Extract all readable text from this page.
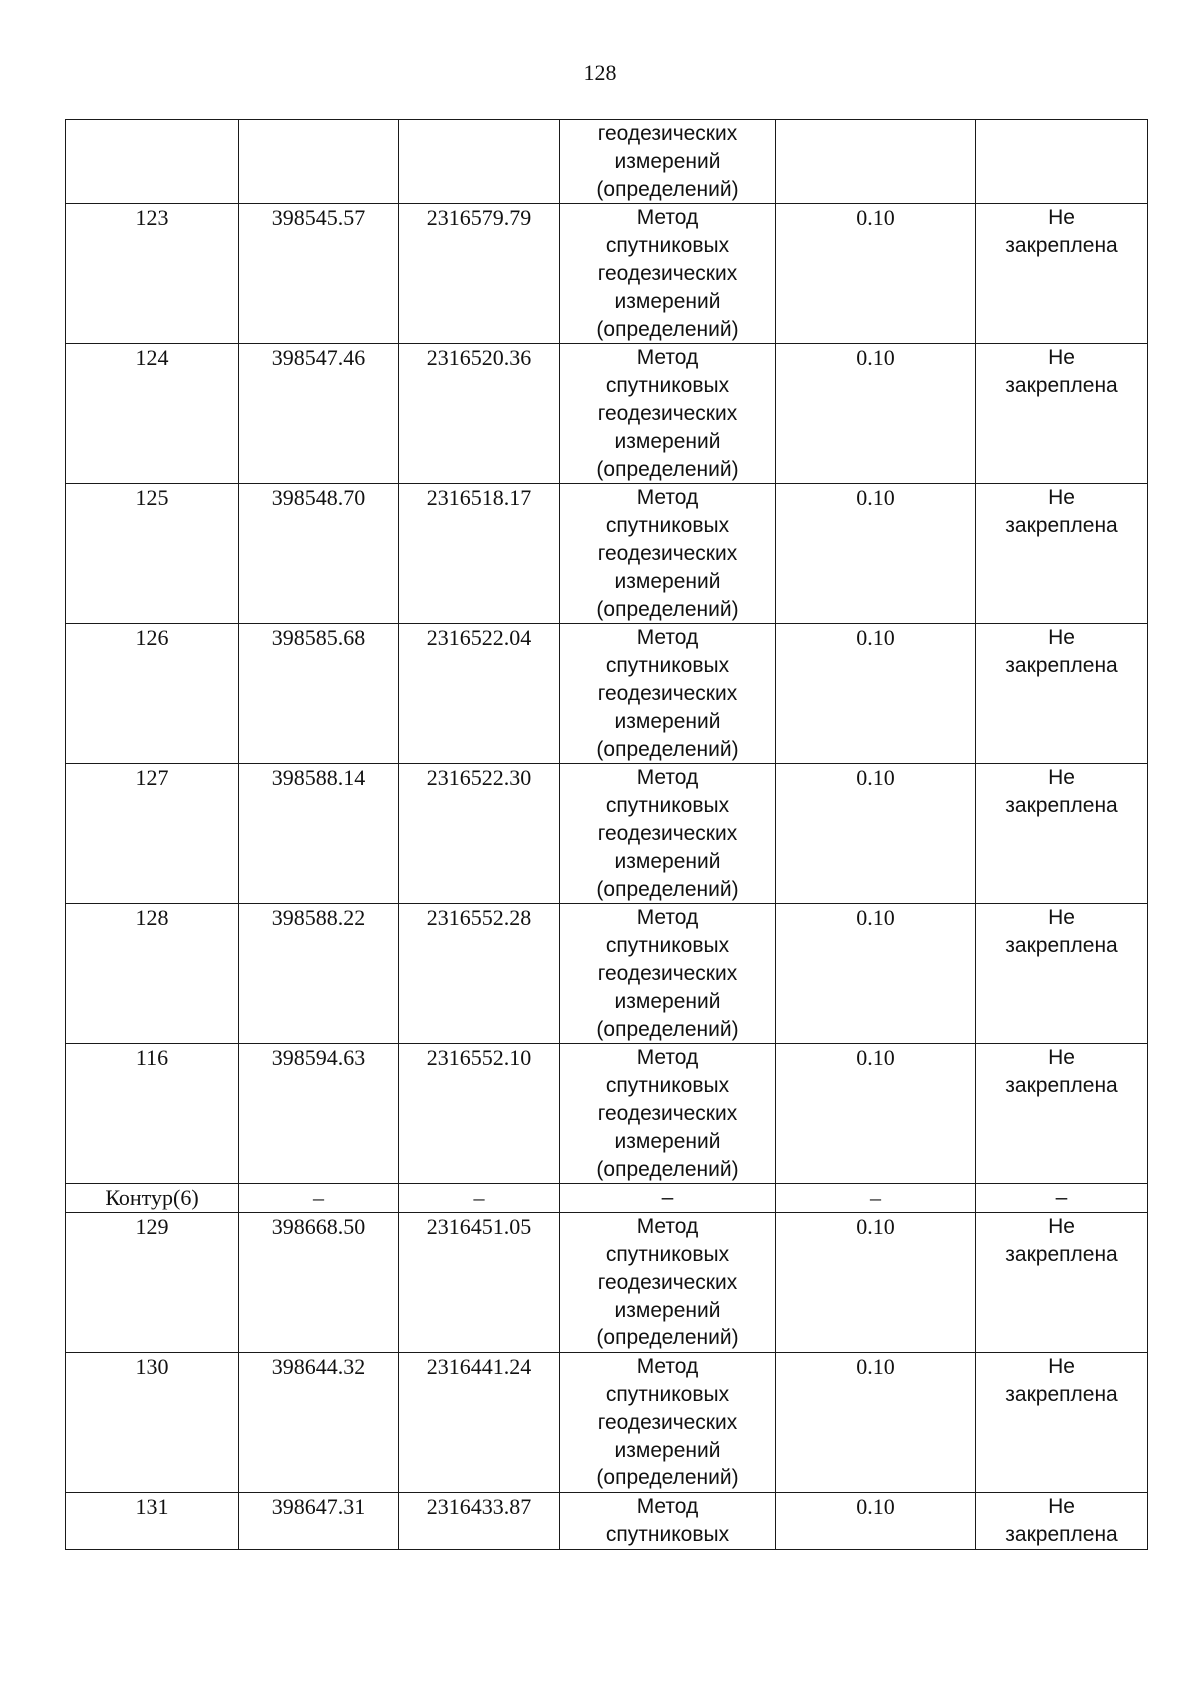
128

			геодезических
измерений
(определений)		

123	398545.57	2316579.79	Метод
спутниковых
геодезических
измерений
(определений)	0.10	Не
закреплена

124	398547.46	2316520.36	Метод
спутниковых
геодезических
измерений
(определений)	0.10	Не
закреплена

125	398548.70	2316518.17	Метод
спутниковых
геодезических
измерений
(определений)	0.10	Не
закреплена

126	398585.68	2316522.04	Метод
спутниковых
геодезических
измерений
(определений)	0.10	Не
закреплена

127	398588.14	2316522.30	Метод
спутниковых
геодезических
измерений
(определений)	0.10	Не
закреплена

128	398588.22	2316552.28	Метод
спутниковых
геодезических
измерений
(определений)	0.10	Не
закреплена

116	398594.63	2316552.10	Метод
спутниковых
геодезических
измерений
(определений)	0.10	Не
закреплена

Контур(6)	–	–	–	–	–

129	398668.50	2316451.05	Метод
спутниковых
геодезических
измерений
(определений)	0.10	Не
закреплена

130	398644.32	2316441.24	Метод
спутниковых
геодезических
измерений
(определений)	0.10	Не
закреплена

131	398647.31	2316433.87	Метод
спутниковых	0.10	Не
закреплена
